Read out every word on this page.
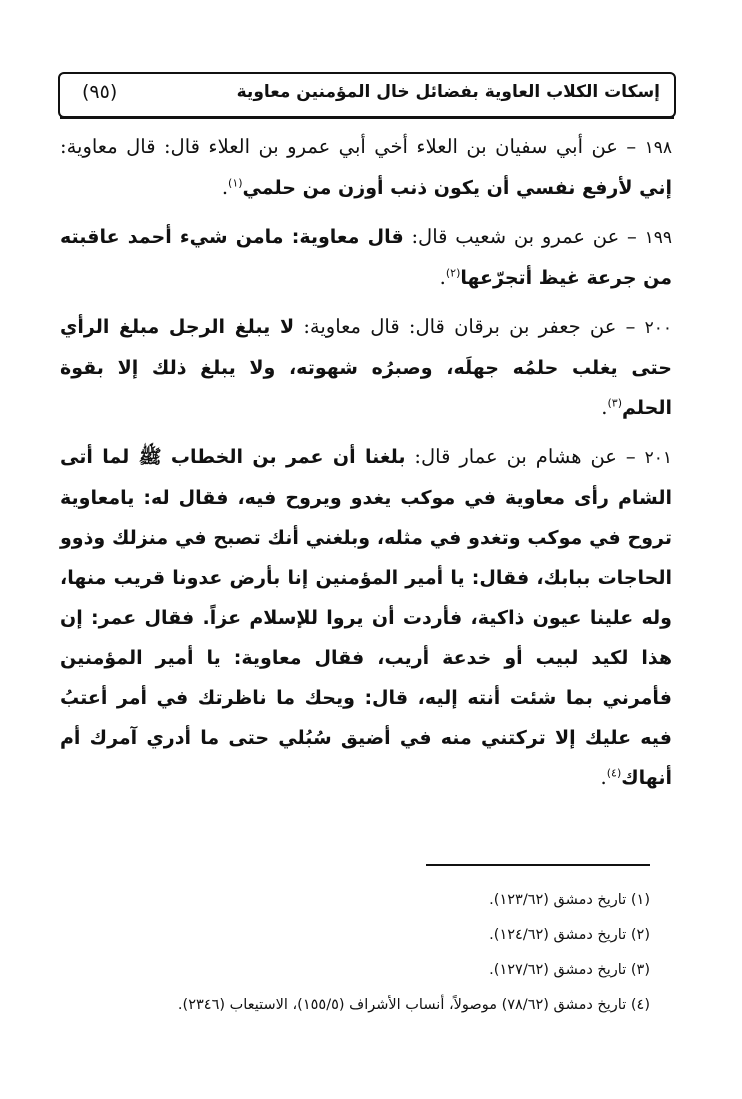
إسكات الكلاب العاوية بفضائل خال المؤمنين معاوية
(٩٥)

١٩٨ – عن أبي سفيان بن العلاء أخي أبي عمرو بن العلاء قال: قال معاوية: إني لأرفع نفسي أن يكون ذنب أوزن من حلمي$^{(١)}$.

١٩٩ – عن عمرو بن شعيب قال: قال معاوية: مامن شيء أحمد عاقبته من جرعة غيظ أتجرّعها$^{(٢)}$.

٢٠٠ – عن جعفر بن برقان قال: قال معاوية: لا يبلغ الرجل مبلغ الرأي حتى يغلب حلمُه جهلَه، وصبرُه شهوته، ولا يبلغ ذلك إلا بقوة الحلم$^{(٣)}$.

٢٠١ – عن هشام بن عمار قال: بلغنا أن عمر بن الخطاب ﷺ لما أتى الشام رأى معاوية في موكب يغدو ويروح فيه، فقال له: يامعاوية تروح في موكب وتغدو في مثله، وبلغني أنك تصبح في منزلك وذوو الحاجات ببابك، فقال: يا أمير المؤمنين إنا بأرض عدونا قريب منها، وله علينا عيون ذاكية، فأردت أن يروا للإسلام عزاً. فقال عمر: إن هذا لكيد لبيب أو خدعة أريب، فقال معاوية: يا أمير المؤمنين فأمرني بما شئت أنته إليه، قال: ويحك ما ناظرتك في أمر أعتبُ فيه عليك إلا تركتني منه في أضيق سُبُلي حتى ما أدري آمرك أم أنهاك$^{(٤)}$.

(١) تاريخ دمشق (١٢٣/٦٢).
(٢) تاريخ دمشق (١٢٤/٦٢).
(٣) تاريخ دمشق (١٢٧/٦٢).
(٤) تاريخ دمشق (٧٨/٦٢) موصولاً، أنساب الأشراف (١٥٥/٥)، الاستيعاب (٢٣٤٦).
